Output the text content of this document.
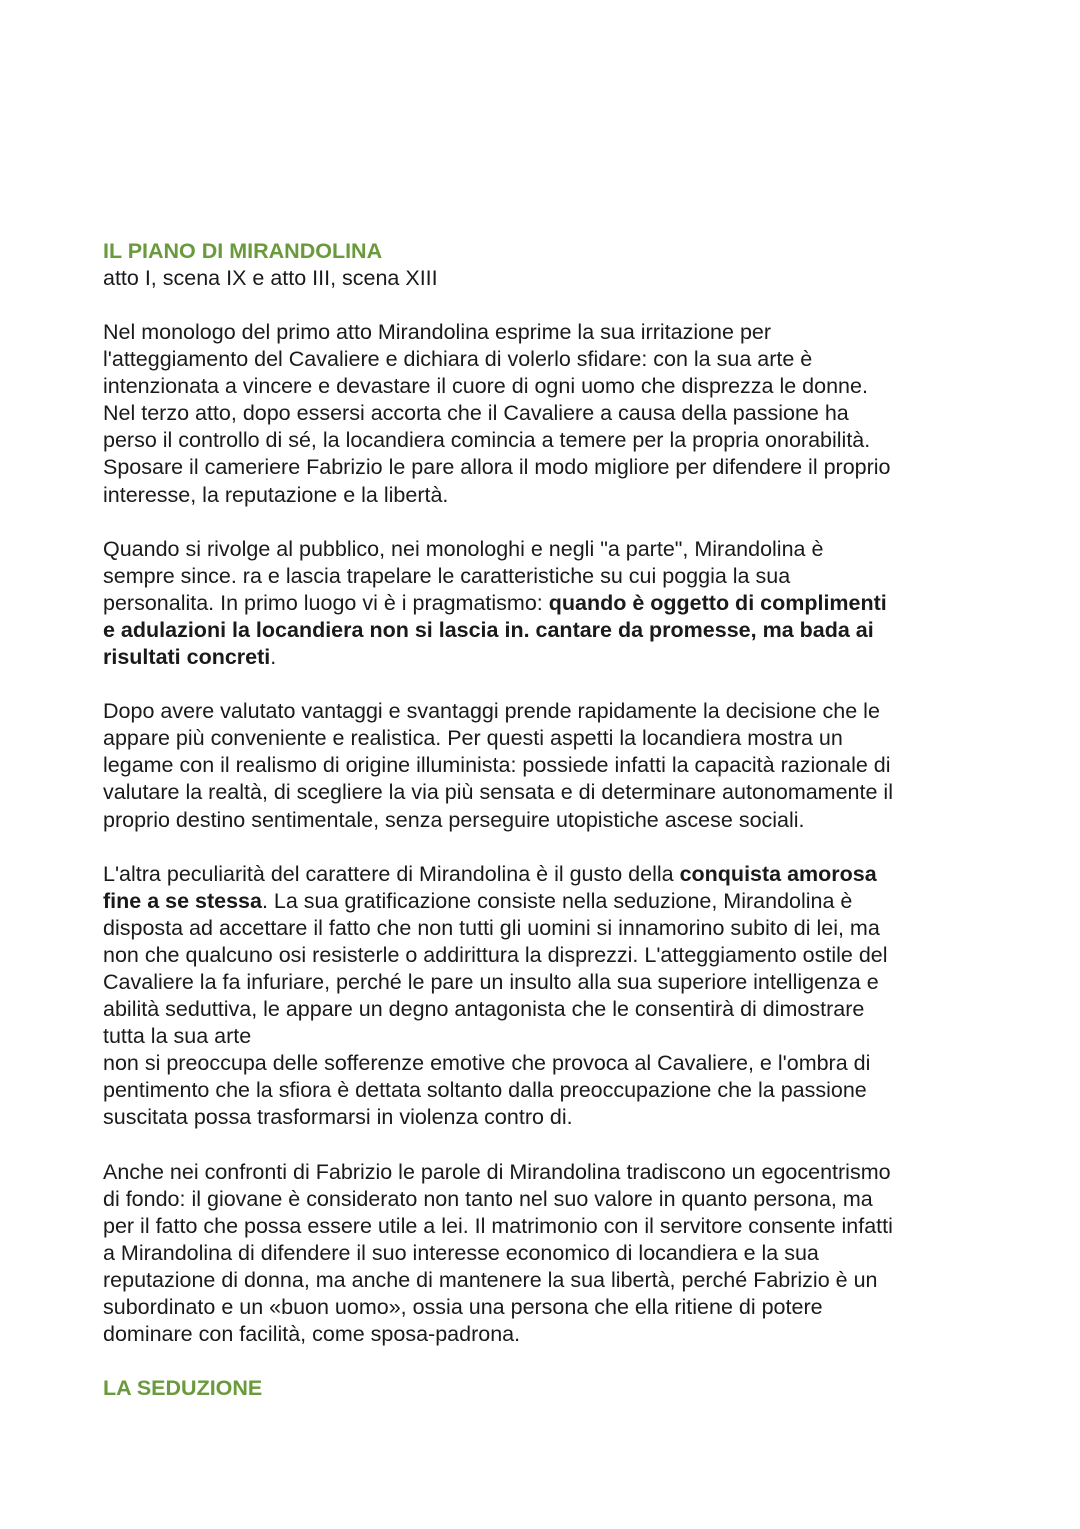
IL PIANO DI MIRANDOLINA

atto I, scena IX e atto III, scena XIII

Nel monologo del primo atto Mirandolina esprime la sua irritazione per
l'atteggiamento del Cavaliere e dichiara di volerlo sfidare: con la sua arte è
intenzionata a vincere e devastare il cuore di ogni uomo che disprezza le donne.
Nel terzo atto, dopo essersi accorta che il Cavaliere a causa della passione ha
perso il controllo di sé, la locandiera comincia a temere per la propria onorabilità.
Sposare il cameriere Fabrizio le pare allora il modo migliore per difendere il proprio
interesse, la reputazione e la libertà.
Quando si rivolge al pubblico, nei monologhi e negli "a parte", Mirandolina è
sempre since. ra e lascia trapelare le caratteristiche su cui poggia la sua
personalita. In primo luogo vi è i pragmatismo: quando è oggetto di complimenti
e adulazioni la locandiera non si lascia in. cantare da promesse, ma bada ai
risultati concreti.
Dopo avere valutato vantaggi e svantaggi prende rapidamente la decisione che le
appare più conveniente e realistica. Per questi aspetti la locandiera mostra un
legame con il realismo di origine illuminista: possiede infatti la capacità razionale di
valutare la realtà, di scegliere la via più sensata e di determinare autonomamente il
proprio destino sentimentale, senza perseguire utopistiche ascese sociali.
L'altra peculiarità del carattere di Mirandolina è il gusto della conquista amorosa
fine a se stessa. La sua gratificazione consiste nella seduzione, Mirandolina è
disposta ad accettare il fatto che non tutti gli uomini si innamorino subito di lei, ma
non che qualcuno osi resisterle o addirittura la disprezzi. L'atteggiamento ostile del
Cavaliere la fa infuriare, perché le pare un insulto alla sua superiore intelligenza e
abilità seduttiva, le appare un degno antagonista che le consentirà di dimostrare
tutta la sua arte
non si preoccupa delle sofferenze emotive che provoca al Cavaliere, e l'ombra di
pentimento che la sfiora è dettata soltanto dalla preoccupazione che la passione
suscitata possa trasformarsi in violenza contro di.
Anche nei confronti di Fabrizio le parole di Mirandolina tradiscono un egocentrismo
di fondo: il giovane è considerato non tanto nel suo valore in quanto persona, ma
per il fatto che possa essere utile a lei. Il matrimonio con il servitore consente infatti
a Mirandolina di difendere il suo interesse economico di locandiera e la sua
reputazione di donna, ma anche di mantenere la sua libertà, perché Fabrizio è un
subordinato e un «buon uomo», ossia una persona che ella ritiene di potere
dominare con facilità, come sposa-padrona.
LA SEDUZIONE
